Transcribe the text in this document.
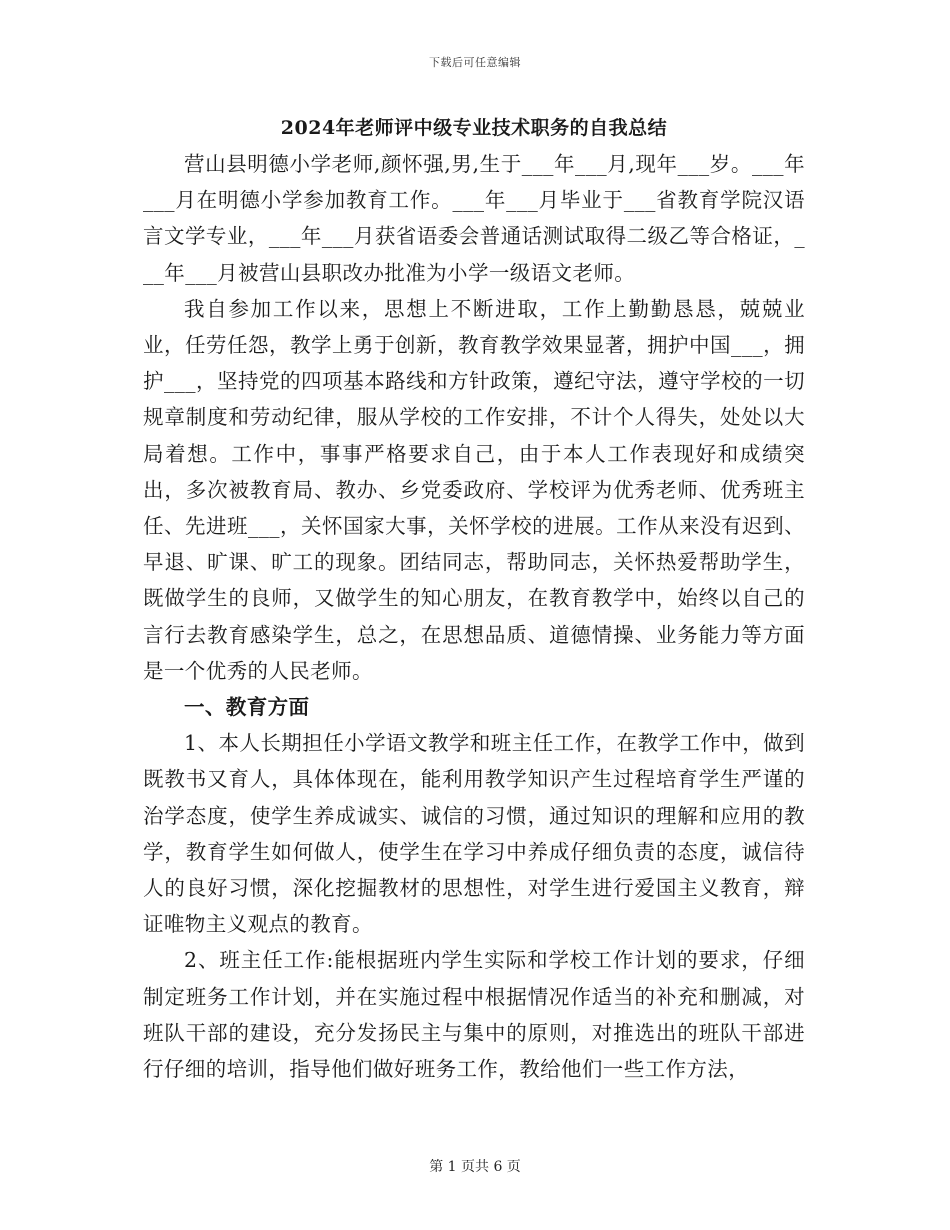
下载后可任意编辑
2024年老师评中级专业技术职务的自我总结

营山县明德小学老师,颜怀强,男,生于___年___月,现年___岁。___年___月在明德小学参加教育工作。___年___月毕业于___省教育学院汉语言文学专业，___年___月获省语委会普通话测试取得二级乙等合格证，___年___月被营山县职改办批准为小学一级语文老师。

我自参加工作以来，思想上不断进取，工作上勤勤恳恳，兢兢业业，任劳任怨，教学上勇于创新，教育教学效果显著，拥护中国___，拥护___，坚持党的四项基本路线和方针政策，遵纪守法，遵守学校的一切规章制度和劳动纪律，服从学校的工作安排，不计个人得失，处处以大局着想。工作中，事事严格要求自己，由于本人工作表现好和成绩突出，多次被教育局、教办、乡党委政府、学校评为优秀老师、优秀班主任、先进班___，关怀国家大事，关怀学校的进展。工作从来没有迟到、早退、旷课、旷工的现象。团结同志，帮助同志，关怀热爱帮助学生，既做学生的良师，又做学生的知心朋友，在教育教学中，始终以自己的言行去教育感染学生，总之，在思想品质、道德情操、业务能力等方面是一个优秀的人民老师。

一、教育方面

1、本人长期担任小学语文教学和班主任工作，在教学工作中，做到既教书又育人，具体体现在，能利用教学知识产生过程培育学生严谨的治学态度，使学生养成诚实、诚信的习惯，通过知识的理解和应用的教学，教育学生如何做人，使学生在学习中养成仔细负责的态度，诚信待人的良好习惯，深化挖掘教材的思想性，对学生进行爱国主义教育，辩证唯物主义观点的教育。

2、班主任工作:能根据班内学生实际和学校工作计划的要求，仔细制定班务工作计划，并在实施过程中根据情况作适当的补充和删减，对班队干部的建设，充分发扬民主与集中的原则，对推选出的班队干部进行仔细的培训，指导他们做好班务工作，教给他们一些工作方法，

第 1 页共 6 页
